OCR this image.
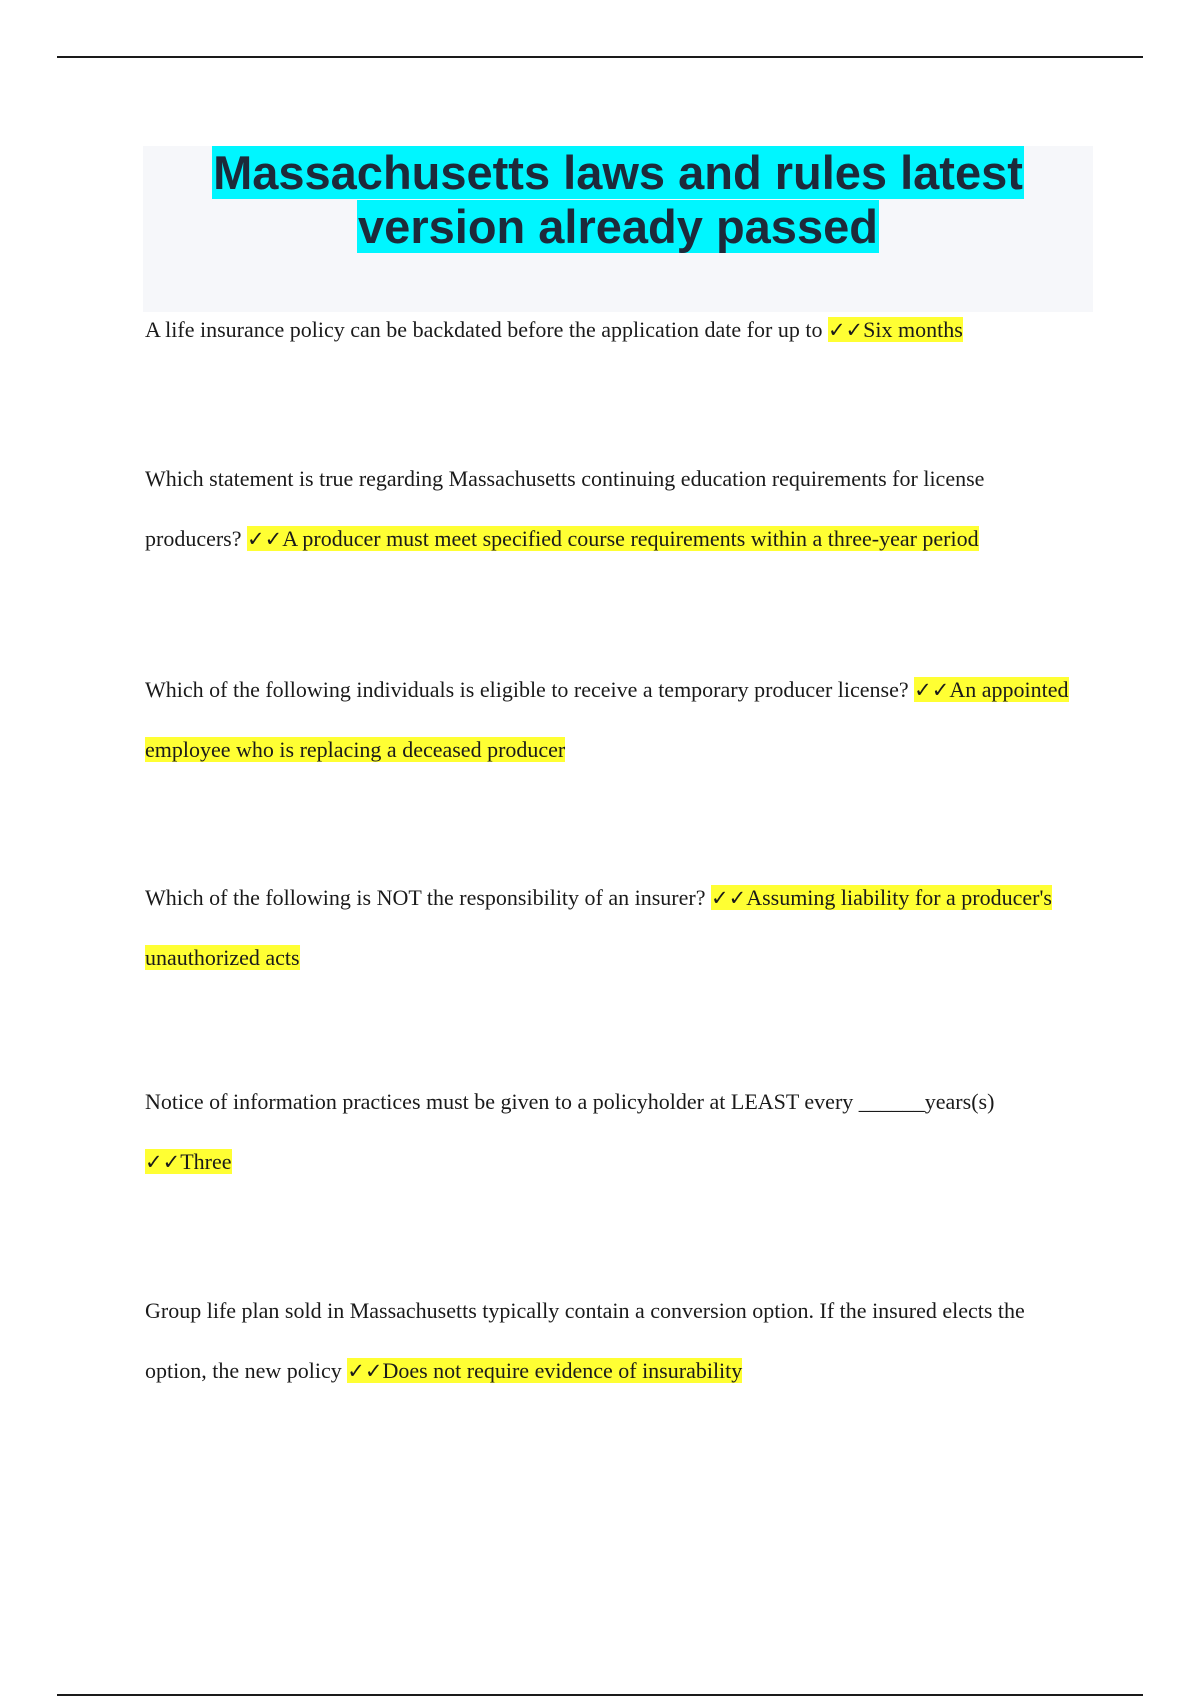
Massachusetts laws and rules latest version already passed

A life insurance policy can be backdated before the application date for up to ✓✓Six months

Which statement is true regarding Massachusetts continuing education requirements for license producers? ✓✓A producer must meet specified course requirements within a three-year period

Which of the following individuals is eligible to receive a temporary producer license? ✓✓An appointed employee who is replacing a deceased producer

Which of the following is NOT the responsibility of an insurer? ✓✓Assuming liability for a producer's unauthorized acts

Notice of information practices must be given to a policyholder at LEAST every ______years(s) ✓✓Three

Group life plan sold in Massachusetts typically contain a conversion option. If the insured elects the option, the new policy ✓✓Does not require evidence of insurability
